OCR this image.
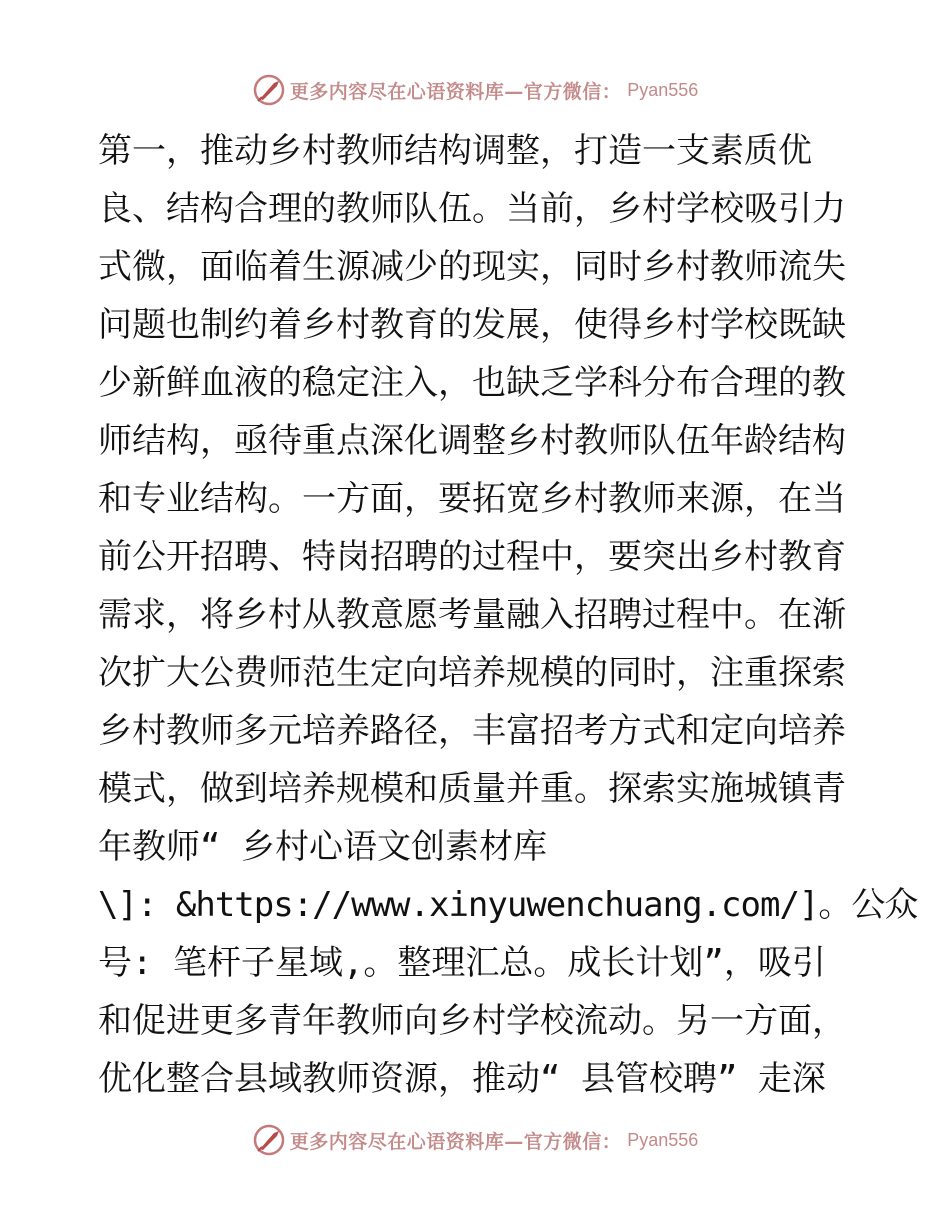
更多内容尽在心语资料库—官方微信： Pyan556
第一，推动乡村教师结构调整，打造一支素质优
良、结构合理的教师队伍。当前，乡村学校吸引力
式微，面临着生源减少的现实，同时乡村教师流失
问题也制约着乡村教育的发展，使得乡村学校既缺
少新鲜血液的稳定注入，也缺乏学科分布合理的教
师结构，亟待重点深化调整乡村教师队伍年龄结构
和专业结构。一方面，要拓宽乡村教师来源，在当
前公开招聘、特岗招聘的过程中，要突出乡村教育
需求，将乡村从教意愿考量融入招聘过程中。在渐
次扩大公费师范生定向培养规模的同时，注重探索
乡村教师多元培养路径，丰富招考方式和定向培养
模式，做到培养规模和质量并重。探索实施城镇青
年教师“ 乡村心语文创素材库
\]: &https://www.xinyuwenchuang.com/]。公众
号: 笔杆子星域,。整理汇总。成长计划”，吸引
和促进更多青年教师向乡村学校流动。另一方面，
优化整合县域教师资源，推动“ 县管校聘” 走深
更多内容尽在心语资料库—官方微信： Pyan556
